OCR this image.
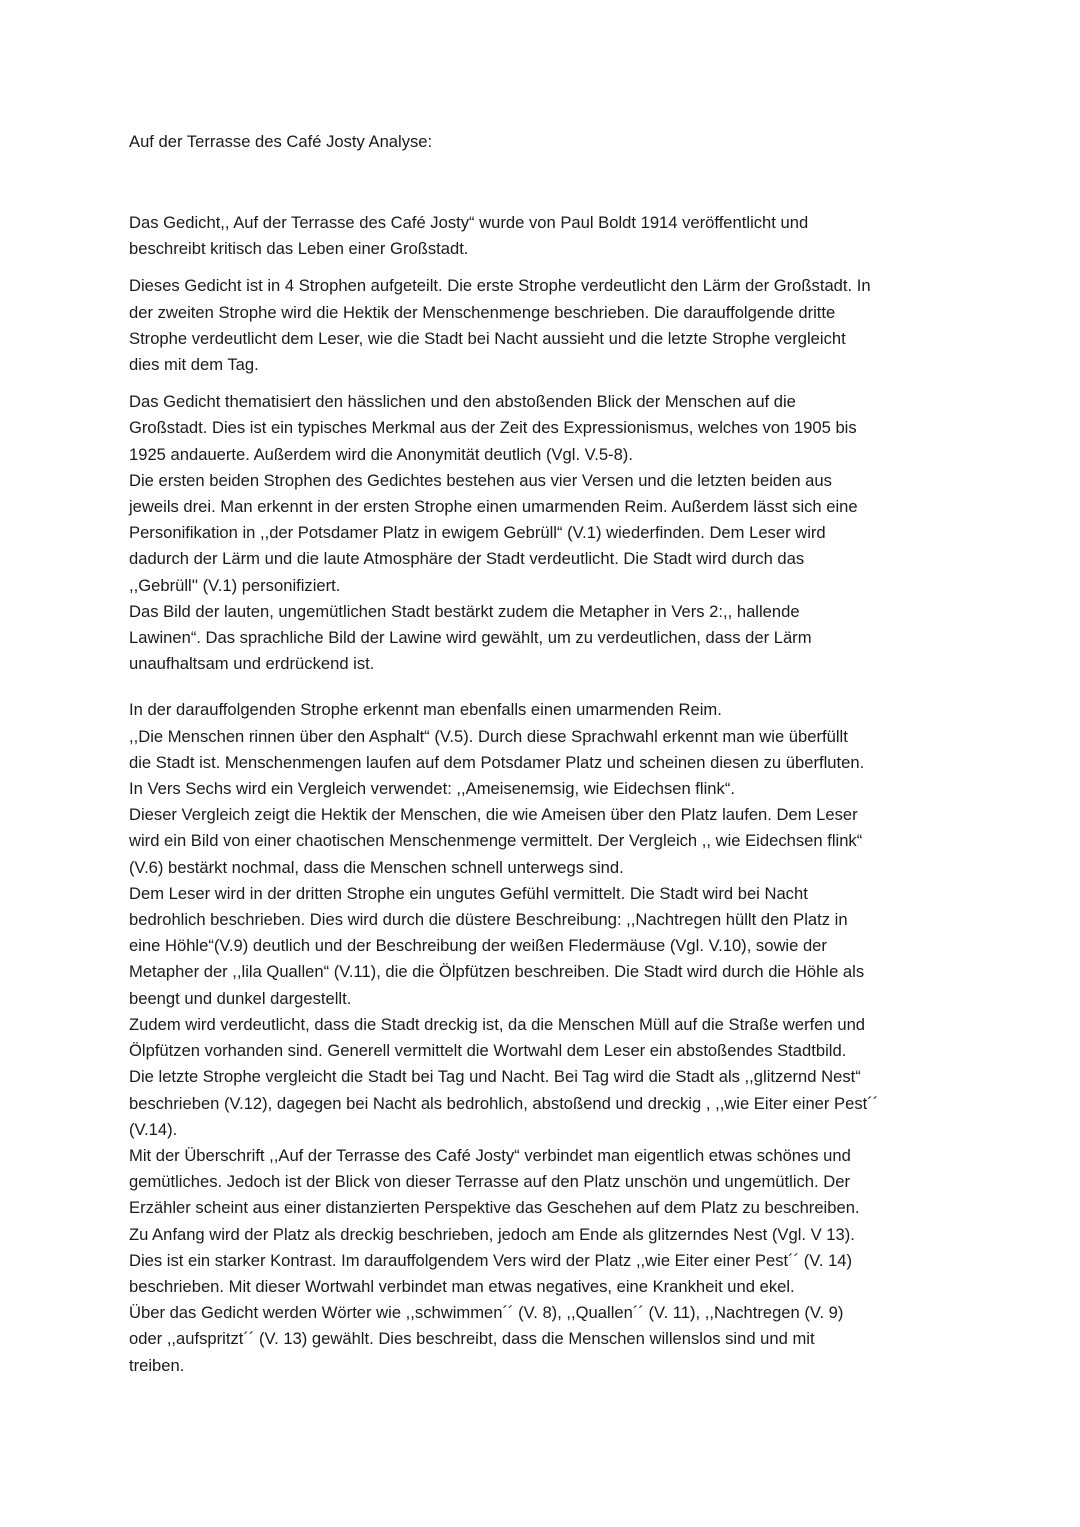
Auf der Terrasse des Café Josty Analyse:
Das Gedicht,, Auf der Terrasse des Café Josty“ wurde von Paul Boldt 1914 veröffentlicht und
beschreibt kritisch das Leben einer Großstadt.
Dieses Gedicht ist in 4 Strophen aufgeteilt. Die erste Strophe verdeutlicht den Lärm der Großstadt. In
der zweiten Strophe wird die Hektik der Menschenmenge beschrieben. Die darauffolgende dritte
Strophe verdeutlicht dem Leser, wie die Stadt bei Nacht aussieht und die letzte Strophe vergleicht
dies mit dem Tag.
Das Gedicht thematisiert den hässlichen und den abstoßenden Blick der Menschen auf die
Großstadt. Dies ist ein typisches Merkmal aus der Zeit des Expressionismus, welches von 1905 bis
1925 andauerte. Außerdem wird die Anonymität deutlich (Vgl. V.5-8).
Die ersten beiden Strophen des Gedichtes bestehen aus vier Versen und die letzten beiden aus
jeweils drei. Man erkennt in der ersten Strophe einen umarmenden Reim. Außerdem lässt sich eine
Personifikation in ,,der Potsdamer Platz in ewigem Gebrüll“ (V.1) wiederfinden. Dem Leser wird
dadurch der Lärm und die laute Atmosphäre der Stadt verdeutlicht. Die Stadt wird durch das
,,Gebrüll'' (V.1) personifiziert.
Das Bild der lauten, ungemütlichen Stadt bestärkt zudem die Metapher in Vers 2:,, hallende
Lawinen“. Das sprachliche Bild der Lawine wird gewählt, um zu verdeutlichen, dass der Lärm
unaufhaltsam und erdrückend ist.
In der darauffolgenden Strophe erkennt man ebenfalls einen umarmenden Reim.
,,Die Menschen rinnen über den Asphalt“ (V.5). Durch diese Sprachwahl erkennt man wie überfüllt
die Stadt ist. Menschenmengen laufen auf dem Potsdamer Platz und scheinen diesen zu überfluten.
In Vers Sechs wird ein Vergleich verwendet: ,,Ameisenemsig, wie Eidechsen flink“.
Dieser Vergleich zeigt die Hektik der Menschen, die wie Ameisen über den Platz laufen. Dem Leser
wird ein Bild von einer chaotischen Menschenmenge vermittelt. Der Vergleich ,, wie Eidechsen flink“
(V.6) bestärkt nochmal, dass die Menschen schnell unterwegs sind.
Dem Leser wird in der dritten Strophe ein ungutes Gefühl vermittelt. Die Stadt wird bei Nacht
bedrohlich beschrieben. Dies wird durch die düstere Beschreibung: ,,Nachtregen hüllt den Platz in
eine Höhle“(V.9) deutlich und der Beschreibung der weißen Fledermäuse (Vgl. V.10), sowie der
Metapher der ,,lila Quallen“ (V.11), die die Ölpfützen beschreiben. Die Stadt wird durch die Höhle als
beengt und dunkel dargestellt.
Zudem wird verdeutlicht, dass die Stadt dreckig ist, da die Menschen Müll auf die Straße werfen und
Ölpfützen vorhanden sind. Generell vermittelt die Wortwahl dem Leser ein abstoßendes Stadtbild.
Die letzte Strophe vergleicht die Stadt bei Tag und Nacht. Bei Tag wird die Stadt als ,,glitzernd Nest“
beschrieben (V.12), dagegen bei Nacht als bedrohlich, abstoßend und dreckig , ,,wie Eiter einer Pest´´
(V.14).
Mit der Überschrift ,,Auf der Terrasse des Café Josty“ verbindet man eigentlich etwas schönes und
gemütliches. Jedoch ist der Blick von dieser Terrasse auf den Platz unschön und ungemütlich. Der
Erzähler scheint aus einer distanzierten Perspektive das Geschehen auf dem Platz zu beschreiben.
Zu Anfang wird der Platz als dreckig beschrieben, jedoch am Ende als glitzerndes Nest (Vgl. V 13).
Dies ist ein starker Kontrast. Im darauffolgendem Vers wird der Platz ,,wie Eiter einer Pest´´ (V. 14)
beschrieben. Mit dieser Wortwahl verbindet man etwas negatives, eine Krankheit und ekel.
Über das Gedicht werden Wörter wie ,,schwimmen´´ (V. 8), ,,Quallen´´ (V. 11), ,,Nachtregen (V. 9)
oder ,,aufspritzt´´ (V. 13) gewählt. Dies beschreibt, dass die Menschen willenslos sind und mit
treiben.
